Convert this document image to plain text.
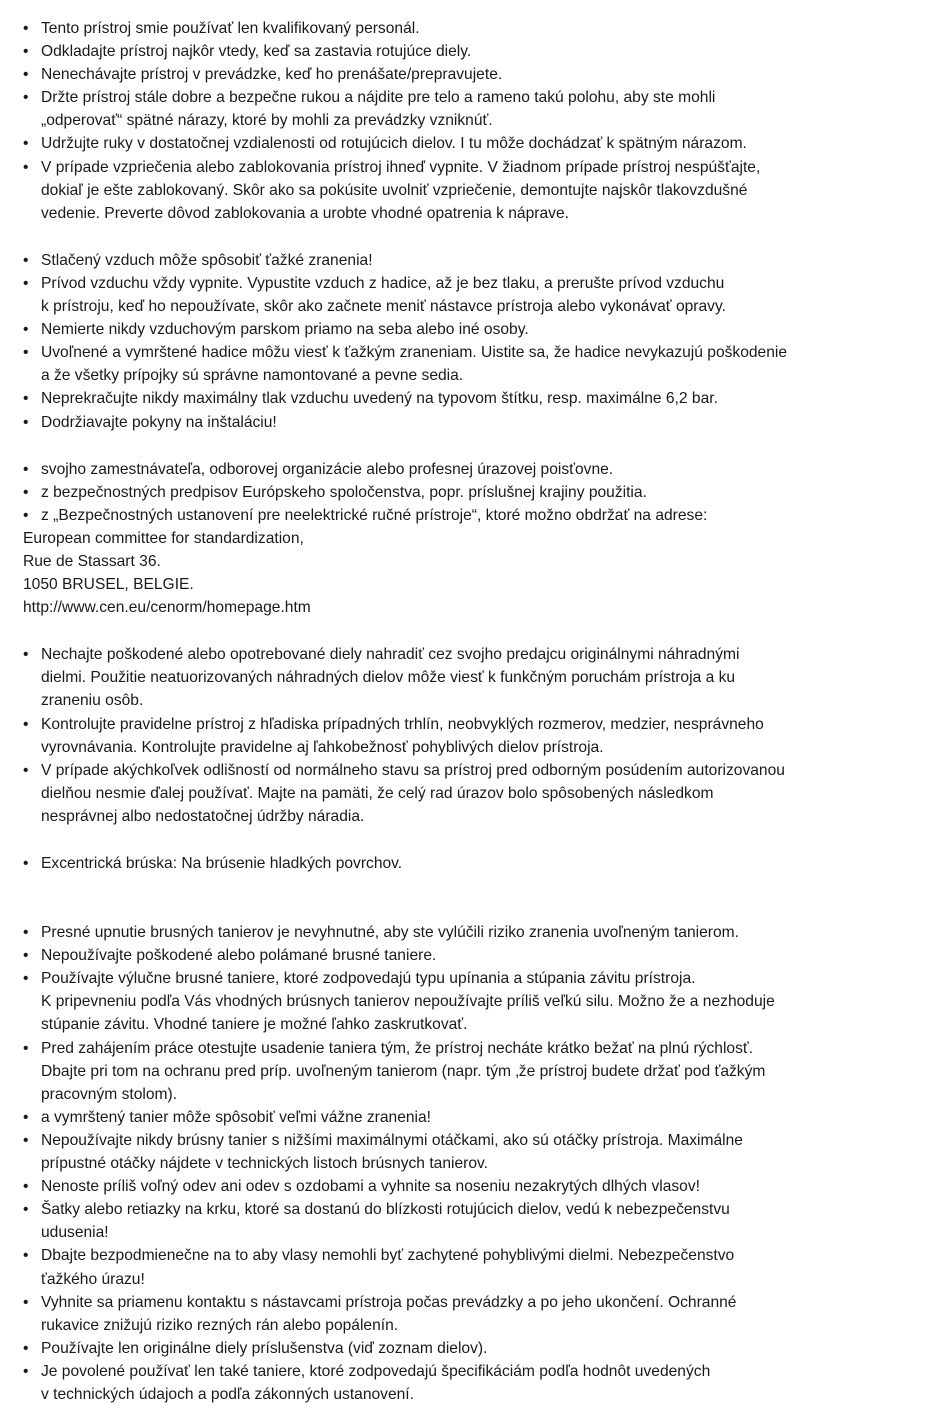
• Tento prístroj smie používať len kvalifikovaný personál.
• Odkladajte prístroj najkôr vtedy, keď sa zastavia rotujúce diely.
• Nenechávajte prístroj v prevádzke, keď ho prenášate/prepravujete.
• Držte prístroj stále dobre a bezpečne rukou a nájdite pre telo a rameno takú polohu, aby ste mohli
„odperovať“ spätné nárazy, ktoré by mohli za prevádzky vzniknúť.
• Udržujte ruky v dostatočnej vzdialenosti od rotujúcich dielov. I tu môže dochádzať k spätným nárazom.
• V prípade vzpriečenia alebo zablokovania prístroj ihneď vypnite. V žiadnom prípade prístroj nespúšťajte,
dokiaľ je ešte zablokovaný. Skôr ako sa pokúsite uvolniť vzpriečenie, demontujte najskôr tlakovzdušné
vedenie. Preverte dôvod zablokovania a urobte vhodné opatrenia k náprave.
• Stlačený vzduch môže spôsobiť ťažké zranenia!
• Prívod vzduchu vždy vypnite. Vypustite vzduch z hadice, až je bez tlaku, a prerušte prívod vzduchu
k prístroju, keď ho nepoužívate, skôr ako začnete meniť nástavce prístroja alebo vykonávať opravy.
• Nemierte nikdy vzduchovým parskom priamo na seba alebo iné osoby.
• Uvoľnené a vymrštené hadice môžu viesť k ťažkým zraneniam. Uistite sa, že hadice nevykazujú poškodenie
a že všetky prípojky sú správne namontované a pevne sedia.
• Neprekračujte nikdy maximálny tlak vzduchu uvedený na typovom štítku, resp. maximálne 6,2 bar.
• Dodržiavajte pokyny na inštaláciu!
• svojho zamestnávateľa, odborovej organizácie alebo profesnej úrazovej poisťovne.
• z bezpečnostných predpisov Európskeho spoločenstva, popr. príslušnej krajiny použitia.
• z „Bezpečnostných ustanovení pre neelektrické ručné prístroje“, ktoré možno obdržať na adrese:
European committee for standardization,
Rue de Stassart 36.
1050 BRUSEL, BELGIE.
http://www.cen.eu/cenorm/homepage.htm
• Nechajte poškodené alebo opotrebované diely nahradiť cez svojho predajcu originálnymi náhradnými
dielmi. Použitie neatuorizovaných náhradných dielov môže viesť k funkčným poruchám prístroja a ku
zraneniu osôb.
• Kontrolujte pravidelne prístroj z hľadiska prípadných trhlín, neobvyklých rozmerov, medzier, nesprávneho
vyrovnávania. Kontrolujte pravidelne aj ľahkobežnosť pohyblivých dielov prístroja.
• V prípade akýchkoľvek odlišností od normálneho stavu sa prístroj pred odborným posúdením autorizovanou
dielňou nesmie ďalej používať. Majte na pamäti, že celý rad úrazov bolo spôsobených následkom
nesprávnej albo nedostatočnej údržby náradia.
• Excentrická brúska: Na brúsenie hladkých povrchov.
• Presné upnutie brusných tanierov je nevyhnutné, aby ste vylúčili riziko zranenia uvoľneným tanierom.
• Nepoužívajte poškodené alebo polámané brusné taniere.
• Používajte výlučne brusné taniere, ktoré zodpovedajú typu upínania a stúpania závitu prístroja.
K pripevneniu podľa Vás vhodných brúsnych tanierov nepoužívajte príliš veľkú silu. Možno že a nezhoduje
stúpanie závitu. Vhodné taniere je možné ľahko zaskrutkovať.
• Pred zahájením práce otestujte usadenie taniera tým, že prístroj necháte krátko bežať na plnú rýchlosť.
Dbajte pri tom na ochranu pred príp. uvoľneným tanierom (napr. tým ‚že prístroj budete držať pod ťažkým
pracovným stolom).
• a vymrštený tanier môže spôsobiť veľmi vážne zranenia!
• Nepoužívajte nikdy brúsny tanier s nižšími maximálnymi otáčkami, ako sú otáčky prístroja. Maximálne
prípustné otáčky nájdete v technických listoch brúsnych tanierov.
• Nenoste príliš voľný odev ani odev s ozdobami a vyhnite sa noseniu nezakrytých dlhých vlasov!
• Šatky alebo retiazky na krku, ktoré sa dostanú do blízkosti rotujúcich dielov, vedú k nebezpečenstvu
udusenia!
• Dbajte bezpodmienečne na to aby vlasy nemohli byť zachytené pohyblivými dielmi. Nebezpečenstvo
ťažkého úrazu!
• Vyhnite sa priamenu kontaktu s nástavcami prístroja počas prevádzky a po jeho ukončení. Ochranné
rukavice znižujú riziko rezných rán alebo popálenín.
• Používajte len originálne diely príslušenstva (viď zoznam dielov).
• Je povolené používať len také taniere, ktoré zodpovedajú špecifikáciám podľa hodnôt uvedených
v technických údajoch a podľa zákonných ustanovení.
